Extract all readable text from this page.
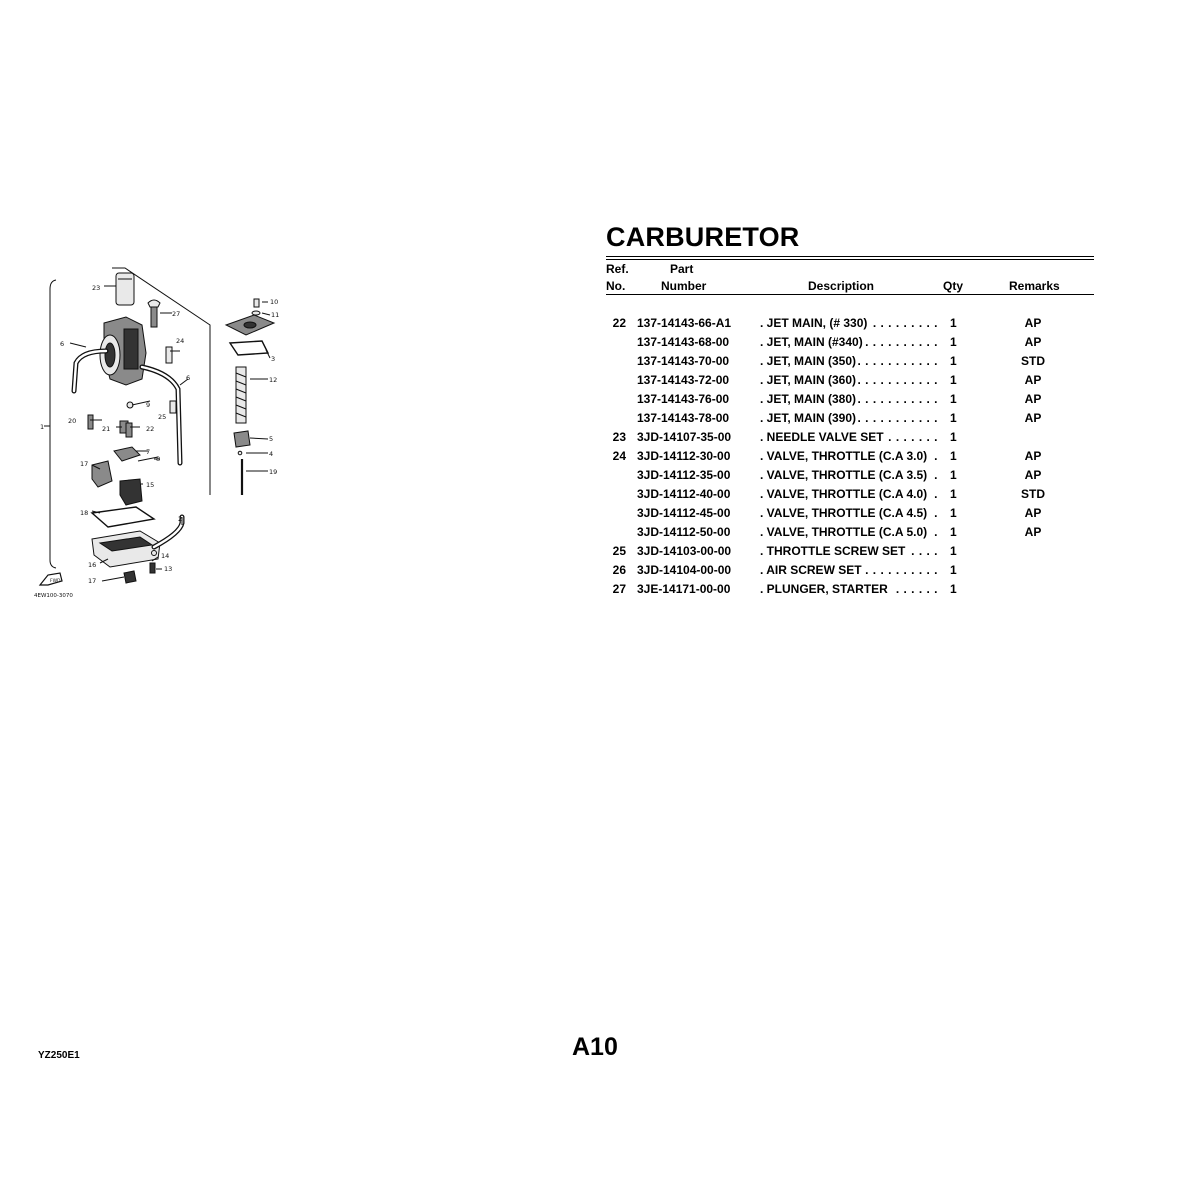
23
27
6	24
6
9
25
20
21	22
7
8
17
15
18
2
16
17
14
13
10
11
3
12
5
4
19
1
FWD
4EW100-3070
CARBURETOR
Ref.
No.
Part
Number	Description	Qty	Remarks
22 137-14143-66-A1 . JET MAIN, (# 330) . . . . . . . . . 1	AP
137-14143-68-00	. JET, MAIN (#340) . . . . . . . . . . 1	AP
137-14143-70-00	. JET, MAIN (350) . . . . . . . . . . . 1	STD
137-14143-72-00	. JET, MAIN (360) . . . . . . . . . . . 1	AP
137-14143-76-00	. JET, MAIN (380) . . . . . . . . . . . 1	AP
137-14143-78-00	. JET, MAIN (390) . . . . . . . . . . . 1	AP
23 3JD-14107-35-00 . NEEDLE VALVE SET . . . . . . . 1
24 3JD-14112-30-00 . VALVE, THROTTLE (C.A 3.0) . 1	AP
3JD-14112-35-00 . VALVE, THROTTLE (C.A 3.5) . 1	AP
3JD-14112-40-00 . VALVE, THROTTLE (C.A 4.0) . 1	STD
3JD-14112-45-00 . VALVE, THROTTLE (C.A 4.5) . 1	AP
3JD-14112-50-00 . VALVE, THROTTLE (C.A 5.0) . 1	AP
25 3JD-14103-00-00 . THROTTLE SCREW SET . . . . 1
26 3JD-14104-00-00 . AIR SCREW SET . . . . . . . . . . 1
27 3JE-14171-00-00 . PLUNGER, STARTER . . . . . . 1
A10
YZ250E1
